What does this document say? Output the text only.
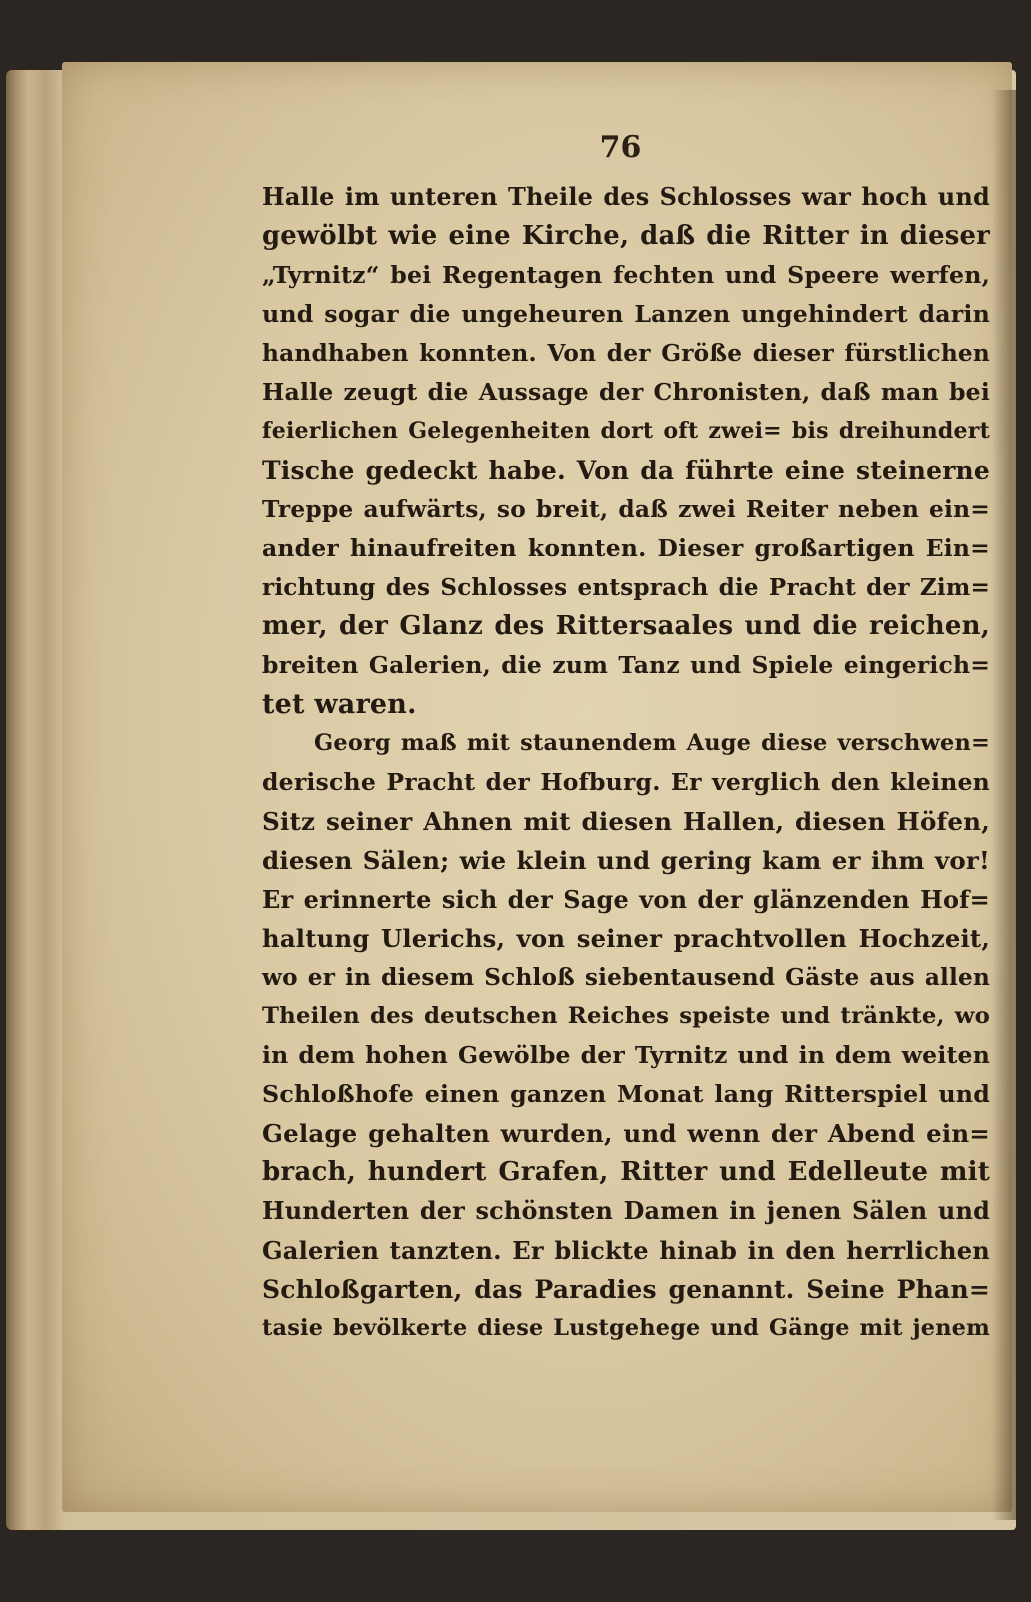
76
Halle im unteren Theile des Schlosses war hoch und
gewölbt wie eine Kirche, daß die Ritter in dieser
„Tyrnitz“ bei Regentagen fechten und Speere werfen,
und sogar die ungeheuren Lanzen ungehindert darin
handhaben konnten. Von der Größe dieser fürstlichen
Halle zeugt die Aussage der Chronisten, daß man bei
feierlichen Gelegenheiten dort oft zwei= bis dreihundert
Tische gedeckt habe. Von da führte eine steinerne
Treppe aufwärts, so breit, daß zwei Reiter neben ein=
ander hinaufreiten konnten. Dieser großartigen Ein=
richtung des Schlosses entsprach die Pracht der Zim=
mer, der Glanz des Rittersaales und die reichen,
breiten Galerien, die zum Tanz und Spiele eingerich=
tet waren.
Georg maß mit staunendem Auge diese verschwen=
derische Pracht der Hofburg. Er verglich den kleinen
Sitz seiner Ahnen mit diesen Hallen, diesen Höfen,
diesen Sälen; wie klein und gering kam er ihm vor!
Er erinnerte sich der Sage von der glänzenden Hof=
haltung Ulerichs, von seiner prachtvollen Hochzeit,
wo er in diesem Schloß siebentausend Gäste aus allen
Theilen des deutschen Reiches speiste und tränkte, wo
in dem hohen Gewölbe der Tyrnitz und in dem weiten
Schloßhofe einen ganzen Monat lang Ritterspiel und
Gelage gehalten wurden, und wenn der Abend ein=
brach, hundert Grafen, Ritter und Edelleute mit
Hunderten der schönsten Damen in jenen Sälen und
Galerien tanzten. Er blickte hinab in den herrlichen
Schloßgarten, das Paradies genannt. Seine Phan=
tasie bevölkerte diese Lustgehege und Gänge mit jenem
